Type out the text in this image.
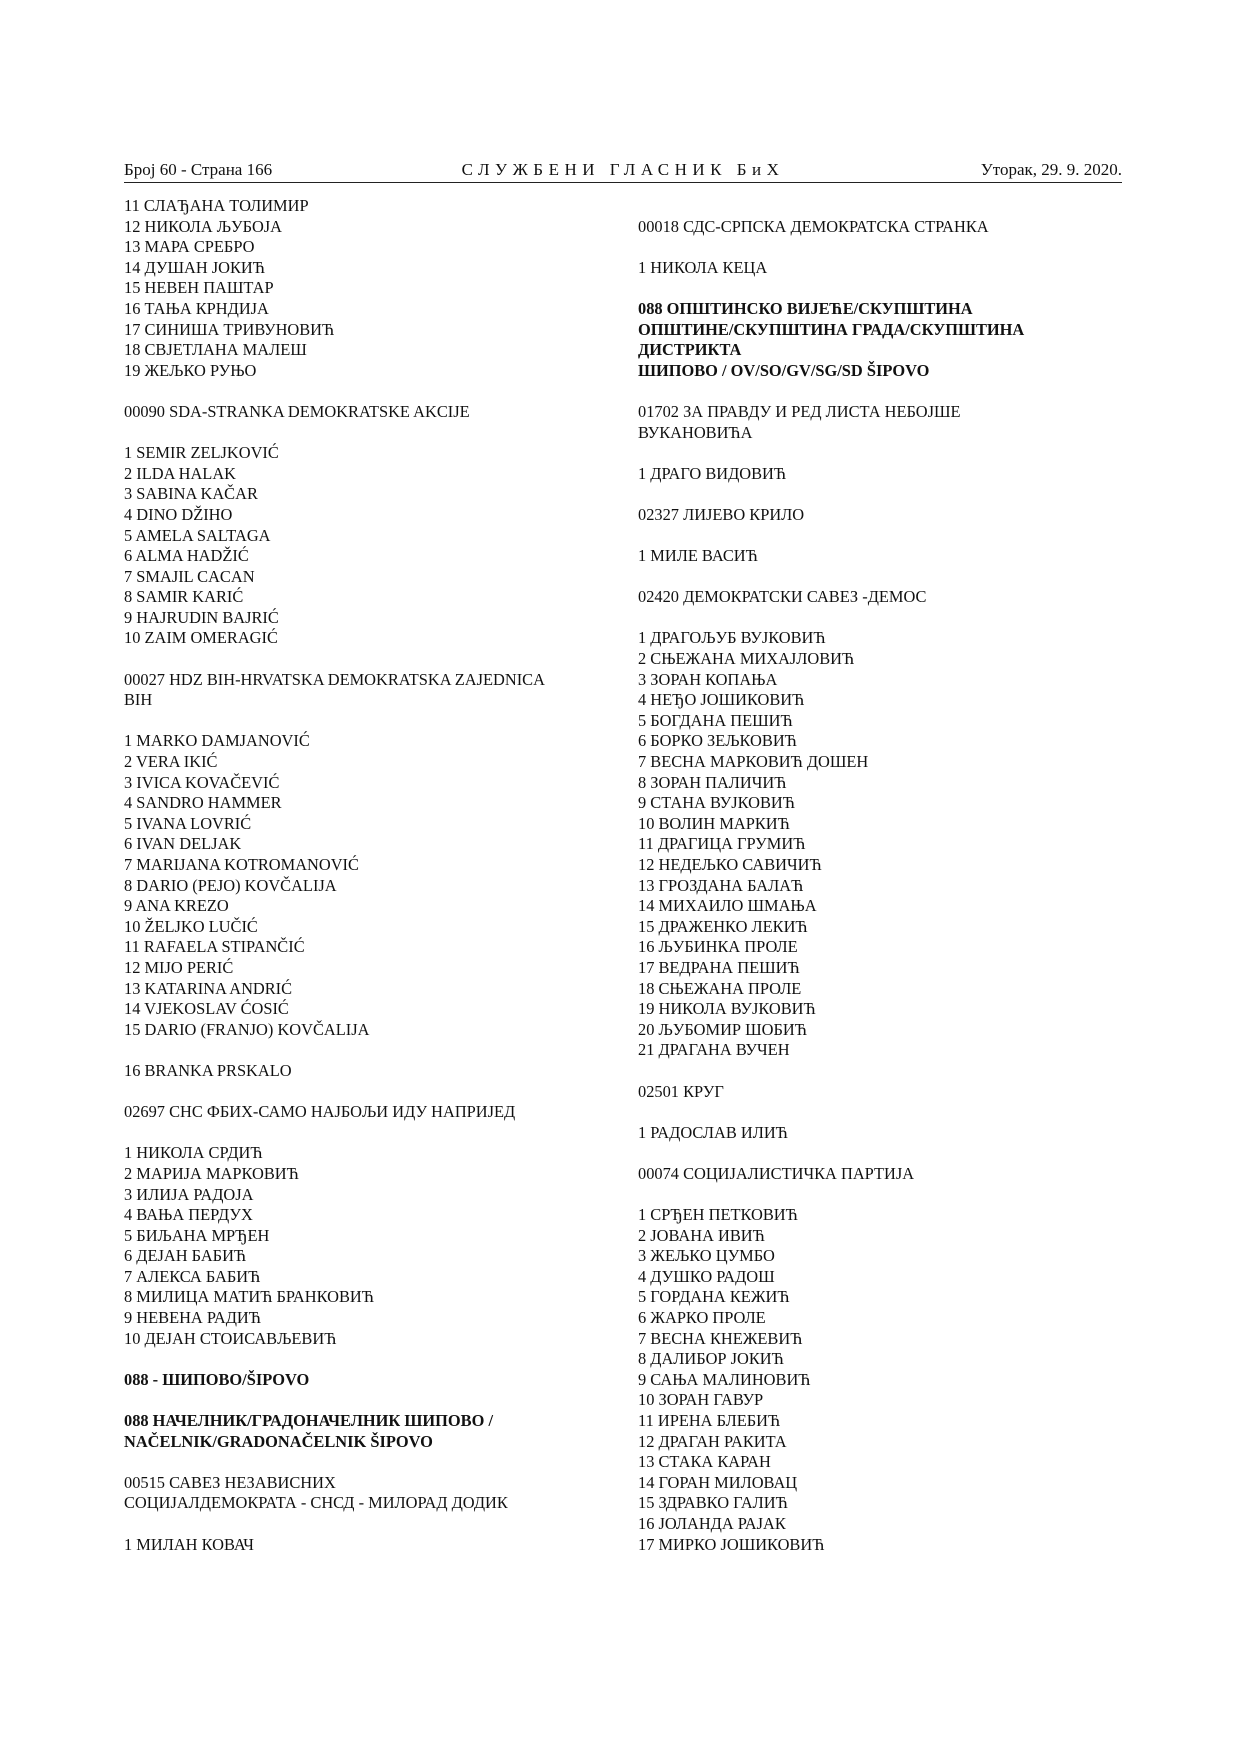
Број 60 - Страна 166	СЛУЖБЕНИ ГЛАСНИК БиХ	Уторак, 29. 9. 2020.
11 СЛАЂАНА ТОЛИМИР
12 НИКОЛА ЉУБОЈА
13 МАРА СРЕБРО
14 ДУШАН ЈОКИЋ
15 НЕВЕН ПАШТАР
16 ТАЊА КРНДИЈА
17 СИНИША ТРИВУНОВИЋ
18 СВЈЕТЛАНА МАЛЕШ
19 ЖЕЉКО РУЊО
00090 SDA-STRANKA DEMOKRATSKE AKCIJE
1 SEMIR ZELJKOVIĆ
2 ILDA HALAK
3 SABINA KAČAR
4 DINO DŽIHO
5 AMELA SALTAGA
6 ALMA HADŽIĆ
7 SMAJIL CACAN
8 SAMIR KARIĆ
9 HAJRUDIN BAJRIĆ
10 ZAIM OMERAGIĆ
00027 HDZ BIH-HRVATSKA DEMOKRATSKA ZAJEDNICA
BIH
1 MARKO DAMJANOVIĆ
2 VERA IKIĆ
3 IVICA KOVAČEVIĆ
4 SANDRO HAMMER
5 IVANA LOVRIĆ
6 IVAN DELJAK
7 MARIJANA KOTROMANOVIĆ
8 DARIO (PEJO) KOVČALIJA
9 ANA KREZO
10 ŽELJKO LUČIĆ
11 RAFAELA STIPANČIĆ
12 MIJO PERIĆ
13 KATARINA ANDRIĆ
14 VJEKOSLAV ĆOSIĆ
15 DARIO (FRANJO) KOVČALIJA
16 BRANKA PRSKALO
02697 СНС ФБИХ-САМО НАЈБОЉИ ИДУ НАПРИЈЕД
1 НИКОЛА СРДИЋ
2 МАРИЈА МАРКОВИЋ
3 ИЛИЈА РАДОЈА
4 ВАЊА ПЕРДУХ
5 БИЉАНА МРЂЕН
6 ДЕЈАН БАБИЋ
7 АЛЕКСА БАБИЋ
8 МИЛИЦА МАТИЋ БРАНКОВИЋ
9 НЕВЕНА РАДИЋ
10 ДЕЈАН СТОИСАВЉЕВИЋ
088 - ШИПОВО/ŠIPOVO
088 НАЧЕЛНИК/ГРАДОНАЧЕЛНИК ШИПОВО /
NAČELNIK/GRADONAČELNIK ŠIPOVO
00515 САВЕЗ НЕЗАВИСНИХ
СОЦИЈАЛДЕМОКРАТА - СНСД - МИЛОРАД ДОДИК
1 МИЛАН КОВАЧ
00018 СДС-СРПСКА ДЕМОКРАТСКА СТРАНКА
1 НИКОЛА КЕЦА
088 ОПШТИНСКО ВИЈЕЋЕ/СКУПШТИНА
ОПШТИНЕ/СКУПШТИНА ГРАДА/СКУПШТИНА
ДИСТРИКТА
ШИПОВО / OV/SO/GV/SG/SD ŠIPOVO
01702 ЗА ПРАВДУ И РЕД ЛИСТА НЕБОЈШЕ
ВУКАНОВИЋА
1 ДРАГО ВИДОВИЋ
02327 ЛИЈЕВО КРИЛО
1 МИЛЕ ВАСИЋ
02420 ДЕМОКРАТСКИ САВЕЗ -ДЕМОС
1 ДРАГОЉУБ ВУЈКОВИЋ
2 СЊЕЖАНА МИХАЈЛОВИЋ
3 ЗОРАН КОПАЊА
4 НЕЂО ЈОШИКОВИЋ
5 БОГДАНА ПЕШИЋ
6 БОРКО ЗЕЉКОВИЋ
7 ВЕСНА МАРКОВИЋ ДОШЕН
8 ЗОРАН ПАЛИЧИЋ
9 СТАНА ВУЈКОВИЋ
10 ВОЛИН МАРКИЋ
11 ДРАГИЦА ГРУМИЋ
12 НЕДЕЉКО САВИЧИЋ
13 ГРОЗДАНА БАЛАЋ
14 МИХАИЛО ШМАЊА
15 ДРАЖЕНКО ЛЕКИЋ
16 ЉУБИНКА ПРОЛЕ
17 ВЕДРАНА ПЕШИЋ
18 СЊЕЖАНА ПРОЛЕ
19 НИКОЛА ВУЈКОВИЋ
20 ЉУБОМИР ШОБИЋ
21 ДРАГАНА ВУЧЕН
02501 КРУГ
1 РАДОСЛАВ ИЛИЋ
00074 СОЦИЈАЛИСТИЧКА ПАРТИЈА
1 СРЂЕН ПЕТКОВИЋ
2 ЈОВАНА ИВИЋ
3 ЖЕЉКО ЦУМБО
4 ДУШКО РАДОШ
5 ГОРДАНА КЕЖИЋ
6 ЖАРКО ПРОЛЕ
7 ВЕСНА КНЕЖЕВИЋ
8 ДАЛИБОР ЈОКИЋ
9 САЊА МАЛИНОВИЋ
10 ЗОРАН ГАВУР
11 ИРЕНА БЛЕБИЋ
12 ДРАГАН РАКИТА
13 СТАКА КАРАН
14 ГОРАН МИЛОВАЦ
15 ЗДРАВКО ГАЛИЋ
16 ЈОЛАНДА РАЈАК
17 МИРКО ЈОШИКОВИЋ
